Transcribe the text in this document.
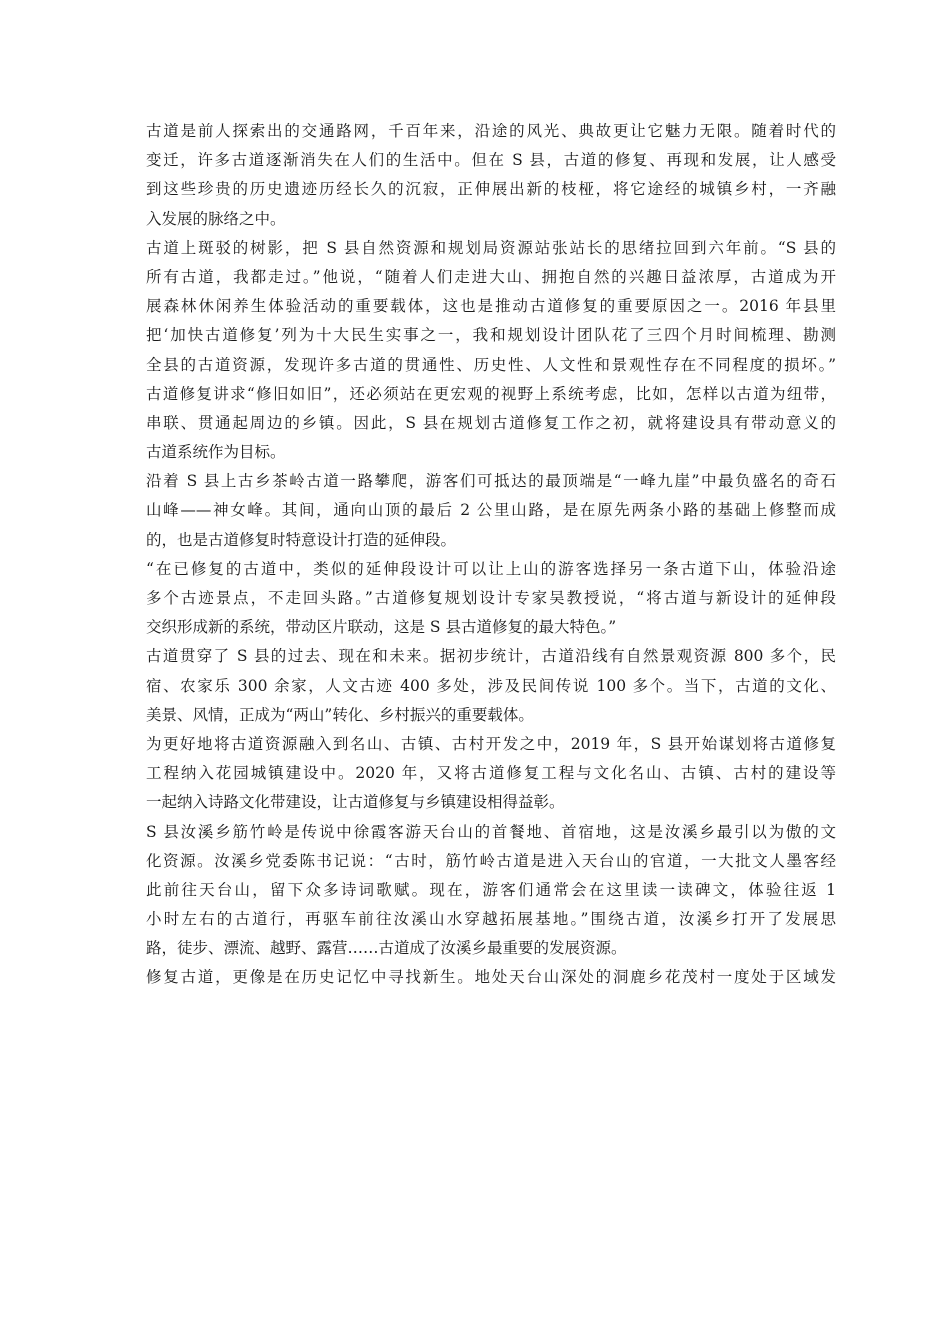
古道是前人探索出的交通路网，千百年来，沿途的风光、典故更让它魅力无限。随着时代的
变迁，许多古道逐渐消失在人们的生活中。但在 S 县，古道的修复、再现和发展，让人感受
到这些珍贵的历史遗迹历经长久的沉寂，正伸展出新的枝桠，将它途经的城镇乡村，一齐融
入发展的脉络之中。
古道上斑驳的树影，把 S 县自然资源和规划局资源站张站长的思绪拉回到六年前。“S 县的
所有古道，我都走过。”他说，“随着人们走进大山、拥抱自然的兴趣日益浓厚，古道成为开
展森林休闲养生体验活动的重要载体，这也是推动古道修复的重要原因之一。2016 年县里
把‘加快古道修复’列为十大民生实事之一，我和规划设计团队花了三四个月时间梳理、勘测
全县的古道资源，发现许多古道的贯通性、历史性、人文性和景观性存在不同程度的损坏。”
古道修复讲求“修旧如旧”，还必须站在更宏观的视野上系统考虑，比如，怎样以古道为纽带，
串联、贯通起周边的乡镇。因此，S 县在规划古道修复工作之初，就将建设具有带动意义的
古道系统作为目标。
沿着 S 县上古乡茶岭古道一路攀爬，游客们可抵达的最顶端是“一峰九崖”中最负盛名的奇石
山峰——神女峰。其间，通向山顶的最后 2 公里山路，是在原先两条小路的基础上修整而成
的，也是古道修复时特意设计打造的延伸段。
“在已修复的古道中，类似的延伸段设计可以让上山的游客选择另一条古道下山，体验沿途
多个古迹景点，不走回头路。”古道修复规划设计专家吴教授说，“将古道与新设计的延伸段
交织形成新的系统，带动区片联动，这是 S 县古道修复的最大特色。”
古道贯穿了 S 县的过去、现在和未来。据初步统计，古道沿线有自然景观资源 800 多个，民
宿、农家乐 300 余家，人文古迹 400 多处，涉及民间传说 100 多个。当下，古道的文化、
美景、风情，正成为“两山”转化、乡村振兴的重要载体。
为更好地将古道资源融入到名山、古镇、古村开发之中，2019 年，S 县开始谋划将古道修复
工程纳入花园城镇建设中。2020 年，又将古道修复工程与文化名山、古镇、古村的建设等
一起纳入诗路文化带建设，让古道修复与乡镇建设相得益彰。
S 县汝溪乡筋竹岭是传说中徐霞客游天台山的首餐地、首宿地，这是汝溪乡最引以为傲的文
化资源。汝溪乡党委陈书记说：“古时，筋竹岭古道是进入天台山的官道，一大批文人墨客经
此前往天台山，留下众多诗词歌赋。现在，游客们通常会在这里读一读碑文，体验往返 1
小时左右的古道行，再驱车前往汝溪山水穿越拓展基地。”围绕古道，汝溪乡打开了发展思
路，徒步、漂流、越野、露营……古道成了汝溪乡最重要的发展资源。
修复古道，更像是在历史记忆中寻找新生。地处天台山深处的洞鹿乡花茂村一度处于区域发
